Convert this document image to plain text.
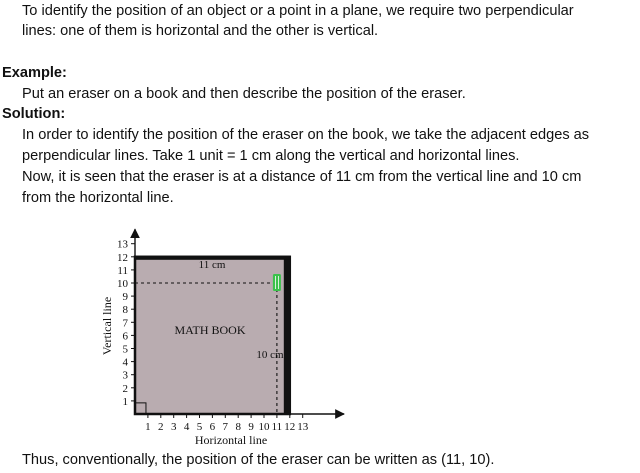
To identify the position of an object or a point in a plane, we require two perpendicular
lines: one of them is horizontal and the other is vertical.
Example:
Put an eraser on a book and then describe the position of the eraser.
Solution:
In order to identify the position of the eraser on the book, we take the adjacent edges as
perpendicular lines. Take 1 unit = 1 cm along the vertical and horizontal lines.
Now, it is seen that the eraser is at a distance of 11 cm from the vertical line and 10 cm
from the horizontal line.
1 2 3 4 5 6 7 8 9 10 11 12 13
1
2
3
4
5
6
7
8
9
10
11
12
13
Horizontal line
Vertical line	MATH BOOK
11 cm
10 cm
Thus, conventionally, the position of the eraser can be written as (11, 10).
